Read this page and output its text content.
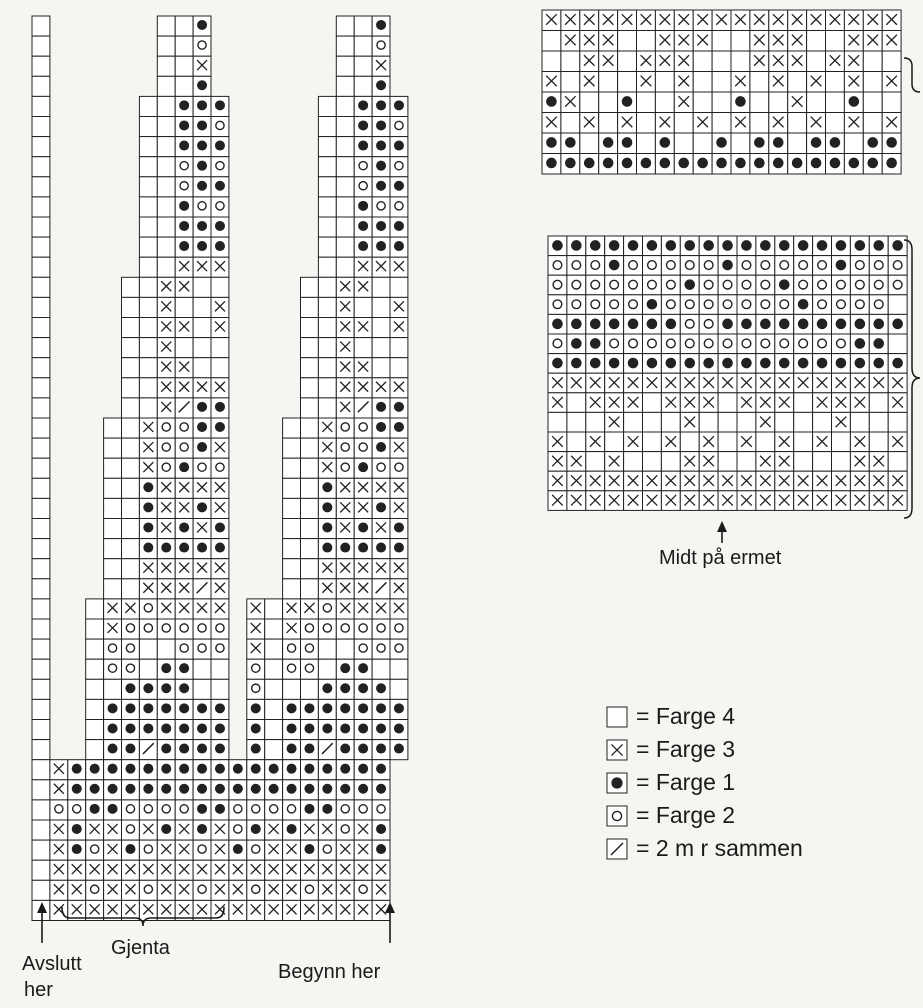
Avslutt
her
Gjenta
Begynn her
Midt på ermet
= Farge 4
= Farge 3
= Farge 1
= Farge 2
= 2 m r sammen
